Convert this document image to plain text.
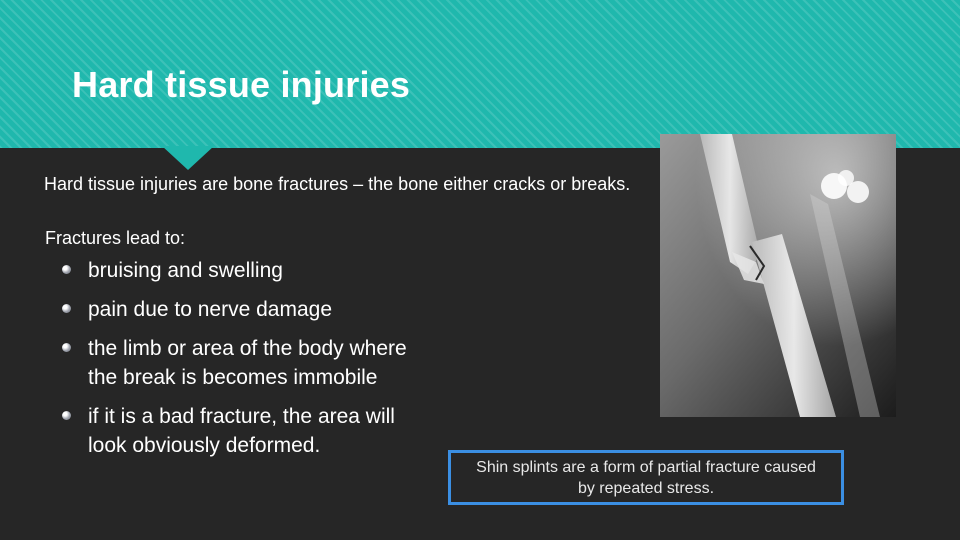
Hard tissue injuries

Hard tissue injuries are bone fractures – the bone either cracks or breaks.

Fractures lead to:

bruising and swelling
pain due to nerve damage
the limb or area of the body where the break is becomes immobile
if it is a bad fracture, the area will look obviously deformed.
Shin splints are a form of partial fracture caused by repeated stress.
